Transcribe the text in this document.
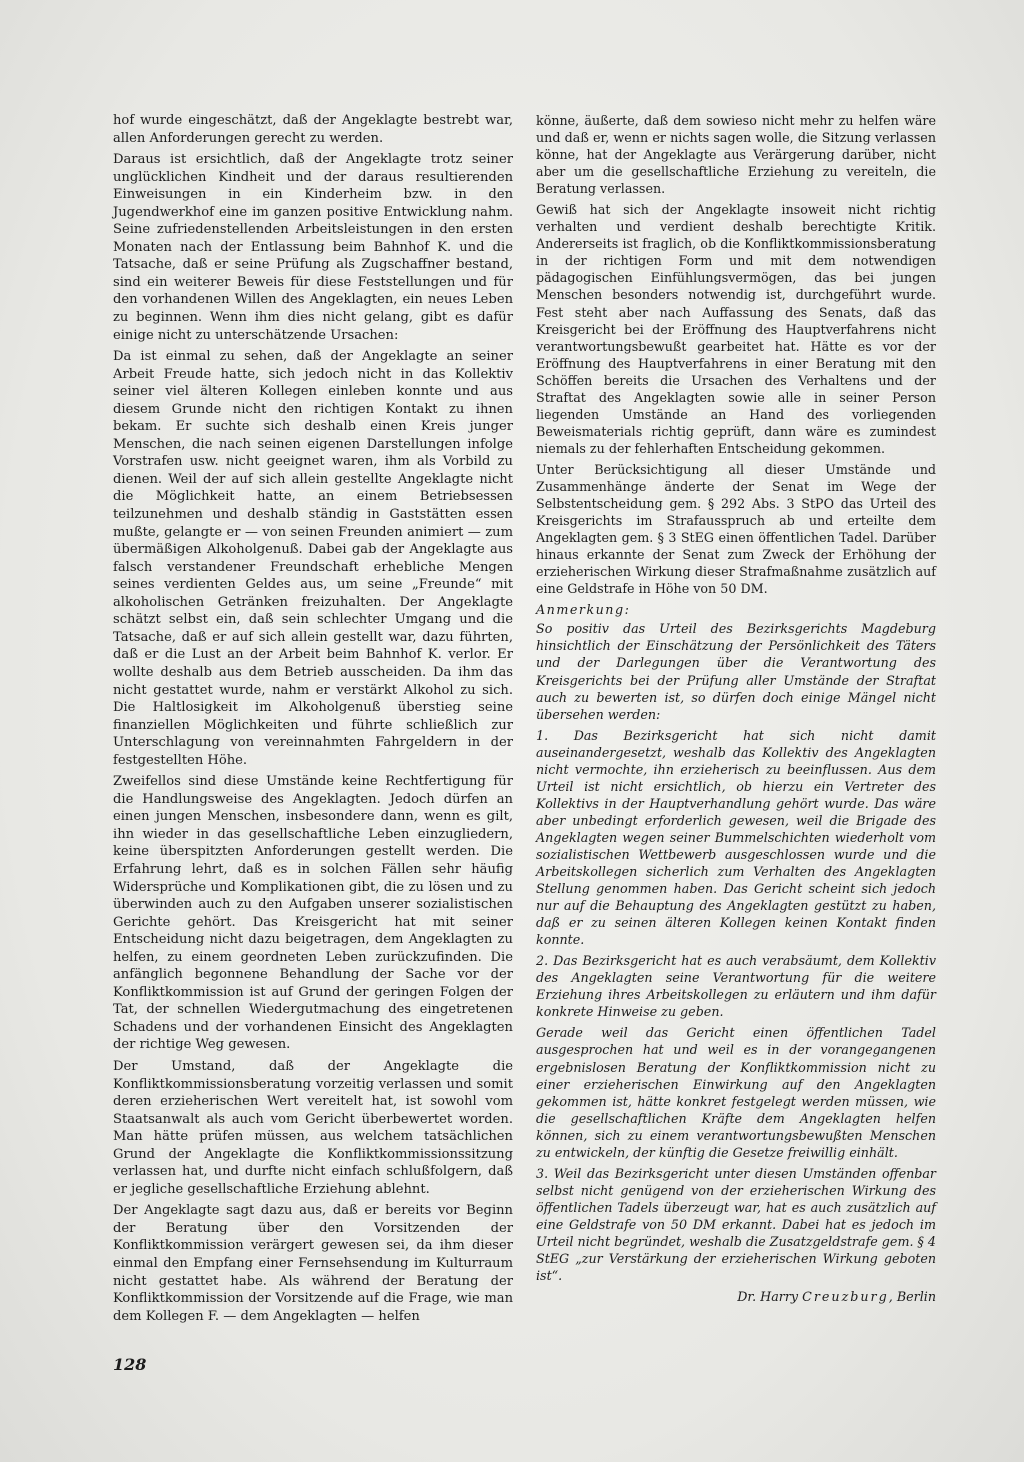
hof wurde eingeschätzt, daß der Angeklagte bestrebt war, allen Anforderungen gerecht zu werden.

Daraus ist ersichtlich, daß der Angeklagte trotz seiner unglücklichen Kindheit und der daraus resultierenden Einweisungen in ein Kinderheim bzw. in den Jugendwerkhof eine im ganzen positive Entwicklung nahm. Seine zufriedenstellenden Arbeitsleistungen in den ersten Monaten nach der Entlassung beim Bahnhof K. und die Tatsache, daß er seine Prüfung als Zugschaffner bestand, sind ein weiterer Beweis für diese Feststellungen und für den vorhandenen Willen des Angeklagten, ein neues Leben zu beginnen. Wenn ihm dies nicht gelang, gibt es dafür einige nicht zu unterschätzende Ursachen:

Da ist einmal zu sehen, daß der Angeklagte an seiner Arbeit Freude hatte, sich jedoch nicht in das Kollektiv seiner viel älteren Kollegen einleben konnte und aus diesem Grunde nicht den richtigen Kontakt zu ihnen bekam. Er suchte sich deshalb einen Kreis junger Menschen, die nach seinen eigenen Darstellungen infolge Vorstrafen usw. nicht geeignet waren, ihm als Vorbild zu dienen. Weil der auf sich allein gestellte Angeklagte nicht die Möglichkeit hatte, an einem Betriebsessen teilzunehmen und deshalb ständig in Gaststätten essen mußte, gelangte er — von seinen Freunden animiert — zum übermäßigen Alkoholgenuß. Dabei gab der Angeklagte aus falsch verstandener Freundschaft erhebliche Mengen seines verdienten Geldes aus, um seine „Freunde“ mit alkoholischen Getränken freizuhalten. Der Angeklagte schätzt selbst ein, daß sein schlechter Umgang und die Tatsache, daß er auf sich allein gestellt war, dazu führten, daß er die Lust an der Arbeit beim Bahnhof K. verlor. Er wollte deshalb aus dem Betrieb ausscheiden. Da ihm das nicht gestattet wurde, nahm er verstärkt Alkohol zu sich. Die Haltlosigkeit im Alkoholgenuß überstieg seine finanziellen Möglichkeiten und führte schließlich zur Unterschlagung von vereinnahmten Fahrgeldern in der festgestellten Höhe.

Zweifellos sind diese Umstände keine Rechtfertigung für die Handlungsweise des Angeklagten. Jedoch dürfen an einen jungen Menschen, insbesondere dann, wenn es gilt, ihn wieder in das gesellschaftliche Leben einzugliedern, keine überspitzten Anforderungen gestellt werden. Die Erfahrung lehrt, daß es in solchen Fällen sehr häufig Widersprüche und Komplikationen gibt, die zu lösen und zu überwinden auch zu den Aufgaben unserer sozialistischen Gerichte gehört. Das Kreisgericht hat mit seiner Entscheidung nicht dazu beigetragen, dem Angeklagten zu helfen, zu einem geordneten Leben zurückzufinden. Die anfänglich begonnene Behandlung der Sache vor der Konfliktkommission ist auf Grund der geringen Folgen der Tat, der schnellen Wiedergutmachung des eingetretenen Schadens und der vorhandenen Einsicht des Angeklagten der richtige Weg gewesen.

Der Umstand, daß der Angeklagte die Konfliktkommissionsberatung vorzeitig verlassen und somit deren erzieherischen Wert vereitelt hat, ist sowohl vom Staatsanwalt als auch vom Gericht überbewertet worden. Man hätte prüfen müssen, aus welchem tatsächlichen Grund der Angeklagte die Konfliktkommissionssitzung verlassen hat, und durfte nicht einfach schlußfolgern, daß er jegliche gesellschaftliche Erziehung ablehnt.

Der Angeklagte sagt dazu aus, daß er bereits vor Beginn der Beratung über den Vorsitzenden der Konfliktkommission verärgert gewesen sei, da ihm dieser einmal den Empfang einer Fernsehsendung im Kulturraum nicht gestattet habe. Als während der Beratung der Konfliktkommission der Vorsitzende auf die Frage, wie man dem Kollegen F. — dem Angeklagten — helfen

könne, äußerte, daß dem sowieso nicht mehr zu helfen wäre und daß er, wenn er nichts sagen wolle, die Sitzung verlassen könne, hat der Angeklagte aus Verärgerung darüber, nicht aber um die gesellschaftliche Erziehung zu vereiteln, die Beratung verlassen.

Gewiß hat sich der Angeklagte insoweit nicht richtig verhalten und verdient deshalb berechtigte Kritik. Andererseits ist fraglich, ob die Konfliktkommissionsberatung in der richtigen Form und mit dem notwendigen pädagogischen Einfühlungsvermögen, das bei jungen Menschen besonders notwendig ist, durchgeführt wurde. Fest steht aber nach Auffassung des Senats, daß das Kreisgericht bei der Eröffnung des Hauptverfahrens nicht verantwortungsbewußt gearbeitet hat. Hätte es vor der Eröffnung des Hauptverfahrens in einer Beratung mit den Schöffen bereits die Ursachen des Verhaltens und der Straftat des Angeklagten sowie alle in seiner Person liegenden Umstände an Hand des vorliegenden Beweismaterials richtig geprüft, dann wäre es zumindest niemals zu der fehlerhaften Entscheidung gekommen.

Unter Berücksichtigung all dieser Umstände und Zusammenhänge änderte der Senat im Wege der Selbstentscheidung gem. § 292 Abs. 3 StPO das Urteil des Kreisgerichts im Strafausspruch ab und erteilte dem Angeklagten gem. § 3 StEG einen öffentlichen Tadel. Darüber hinaus erkannte der Senat zum Zweck der Erhöhung der erzieherischen Wirkung dieser Strafmaßnahme zusätzlich auf eine Geldstrafe in Höhe von 50 DM.

Anmerkung:

So positiv das Urteil des Bezirksgerichts Magdeburg hinsichtlich der Einschätzung der Persönlichkeit des Täters und der Darlegungen über die Verantwortung des Kreisgerichts bei der Prüfung aller Umstände der Straftat auch zu bewerten ist, so dürfen doch einige Mängel nicht übersehen werden:

1. Das Bezirksgericht hat sich nicht damit auseinandergesetzt, weshalb das Kollektiv des Angeklagten nicht vermochte, ihn erzieherisch zu beeinflussen. Aus dem Urteil ist nicht ersichtlich, ob hierzu ein Vertreter des Kollektivs in der Hauptverhandlung gehört wurde. Das wäre aber unbedingt erforderlich gewesen, weil die Brigade des Angeklagten wegen seiner Bummelschichten wiederholt vom sozialistischen Wettbewerb ausgeschlossen wurde und die Arbeitskollegen sicherlich zum Verhalten des Angeklagten Stellung genommen haben. Das Gericht scheint sich jedoch nur auf die Behauptung des Angeklagten gestützt zu haben, daß er zu seinen älteren Kollegen keinen Kontakt finden konnte.

2. Das Bezirksgericht hat es auch verabsäumt, dem Kollektiv des Angeklagten seine Verantwortung für die weitere Erziehung ihres Arbeitskollegen zu erläutern und ihm dafür konkrete Hinweise zu geben.

Gerade weil das Gericht einen öffentlichen Tadel ausgesprochen hat und weil es in der vorangegangenen ergebnislosen Beratung der Konfliktkommission nicht zu einer erzieherischen Einwirkung auf den Angeklagten gekommen ist, hätte konkret festgelegt werden müssen, wie die gesellschaftlichen Kräfte dem Angeklagten helfen können, sich zu einem verantwortungsbewußten Menschen zu entwickeln, der künftig die Gesetze freiwillig einhält.

3. Weil das Bezirksgericht unter diesen Umständen offenbar selbst nicht genügend von der erzieherischen Wirkung des öffentlichen Tadels überzeugt war, hat es auch zusätzlich auf eine Geldstrafe von 50 DM erkannt. Dabei hat es jedoch im Urteil nicht begründet, weshalb die Zusatzgeldstrafe gem. § 4 StEG „zur Verstärkung der erzieherischen Wirkung geboten ist“.

Dr. Harry Creuzburg, Berlin
128
